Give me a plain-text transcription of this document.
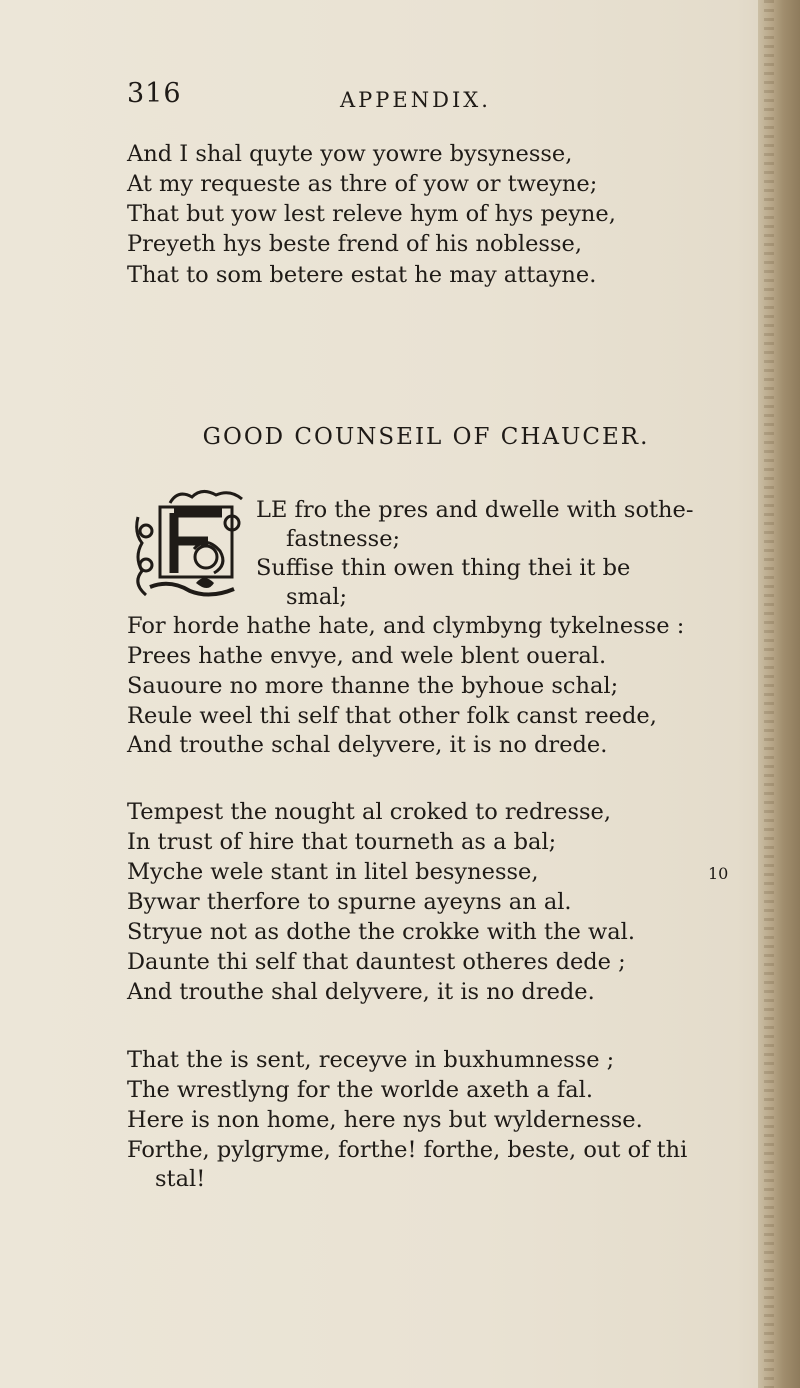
316	APPENDIX.
And I shal quyte yow yowre bysynesse,
At my requeste as thre of yow or tweyne;
That but yow lest releve hym of hys peyne,
Preyeth hys beste frend of his noblesse,
That to som betere estat he may attayne.
GOOD COUNSEIL OF CHAUCER.
LE fro the pres and dwelle with sothe-
fastnesse;
Suffise thin owen thing thei it be
smal;
For horde hathe hate, and clymbyng tykelnesse :
Prees hathe envye, and wele blent oueral.
Sauoure no more thanne the byhoue schal;
Reule weel thi self that other folk canst reede,
And trouthe schal delyvere, it is no drede.
Tempest the nought al croked to redresse,
In trust of hire that tourneth as a bal;
Myche wele stant in litel besynesse,
Bywar therfore to spurne ayeyns an al.
Stryue not as dothe the crokke with the wal.
Daunte thi self that dauntest otheres dede ;
And trouthe shal delyvere, it is no drede.
10
That the is sent, receyve in buxhumnesse ;
The wrestlyng for the worlde axeth a fal.
Here is non home, here nys but wyldernesse.
Forthe, pylgryme, forthe! forthe, beste, out of thi
stal!
